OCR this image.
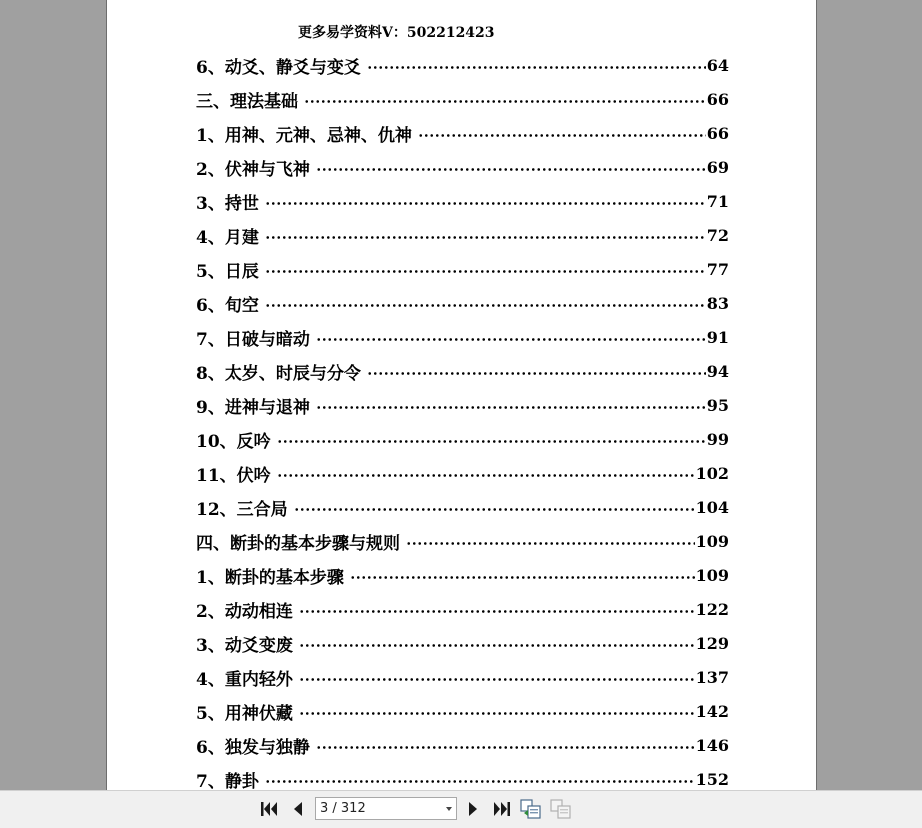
更多易学资料V：502212423
6、动爻、静爻与变爻	64
三、理法基础	66
1、用神、元神、忌神、仇神	66
2、伏神与飞神	69
3、持世	71
4、月建	72
5、日辰	77
6、旬空	83
7、日破与暗动	91
8、太岁、时辰与分令	94
9、进神与退神	95
10、反吟	99
11、伏吟	102
12、三合局	104
四、断卦的基本步骤与规则	109
1、断卦的基本步骤	109
2、动动相连	122
3、动爻变废	129
4、重内轻外	137
5、用神伏藏	142
6、独发与独静	146
7、静卦	152
3 / 312
